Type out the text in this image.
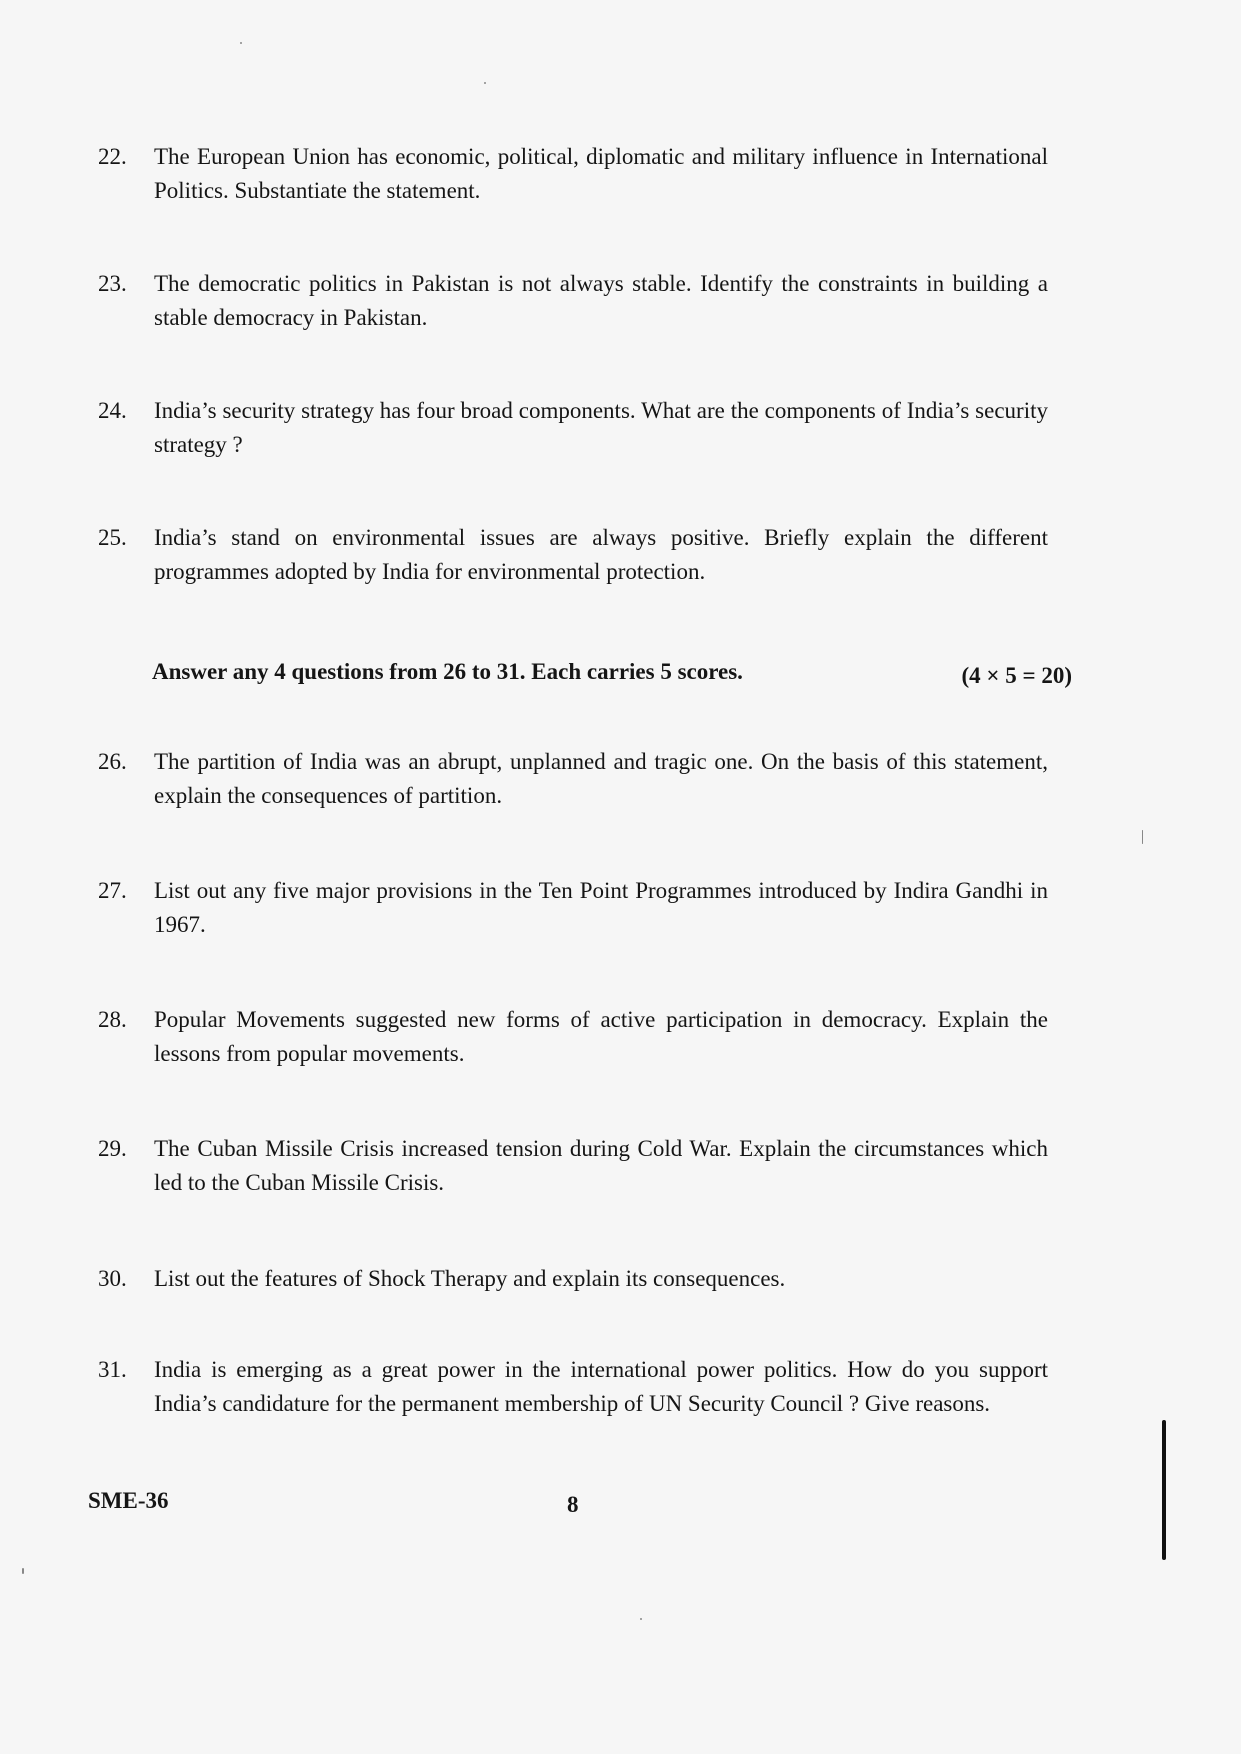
22.	The European Union has economic, political, diplomatic and military influence in International Politics. Substantiate the statement.
23.	The democratic politics in Pakistan is not always stable. Identify the constraints in building a stable democracy in Pakistan.
24.	India’s security strategy has four broad components. What are the components of India’s security strategy ?
25.	India’s stand on environmental issues are always positive. Briefly explain the different programmes adopted by India for environmental protection.
Answer any 4 questions from 26 to 31. Each carries 5 scores.	(4 × 5 = 20)
26.	The partition of India was an abrupt, unplanned and tragic one. On the basis of this statement, explain the consequences of partition.
27.	List out any five major provisions in the Ten Point Programmes introduced by Indira Gandhi in 1967.
28.	Popular Movements suggested new forms of active participation in democracy. Explain the lessons from popular movements.
29.	The Cuban Missile Crisis increased tension during Cold War. Explain the circumstances which led to the Cuban Missile Crisis.
30.	List out the features of Shock Therapy and explain its consequences.
31.	India is emerging as a great power in the international power politics. How do you support India’s candidature for the permanent membership of UN Security Council ? Give reasons.
SME-36	8
